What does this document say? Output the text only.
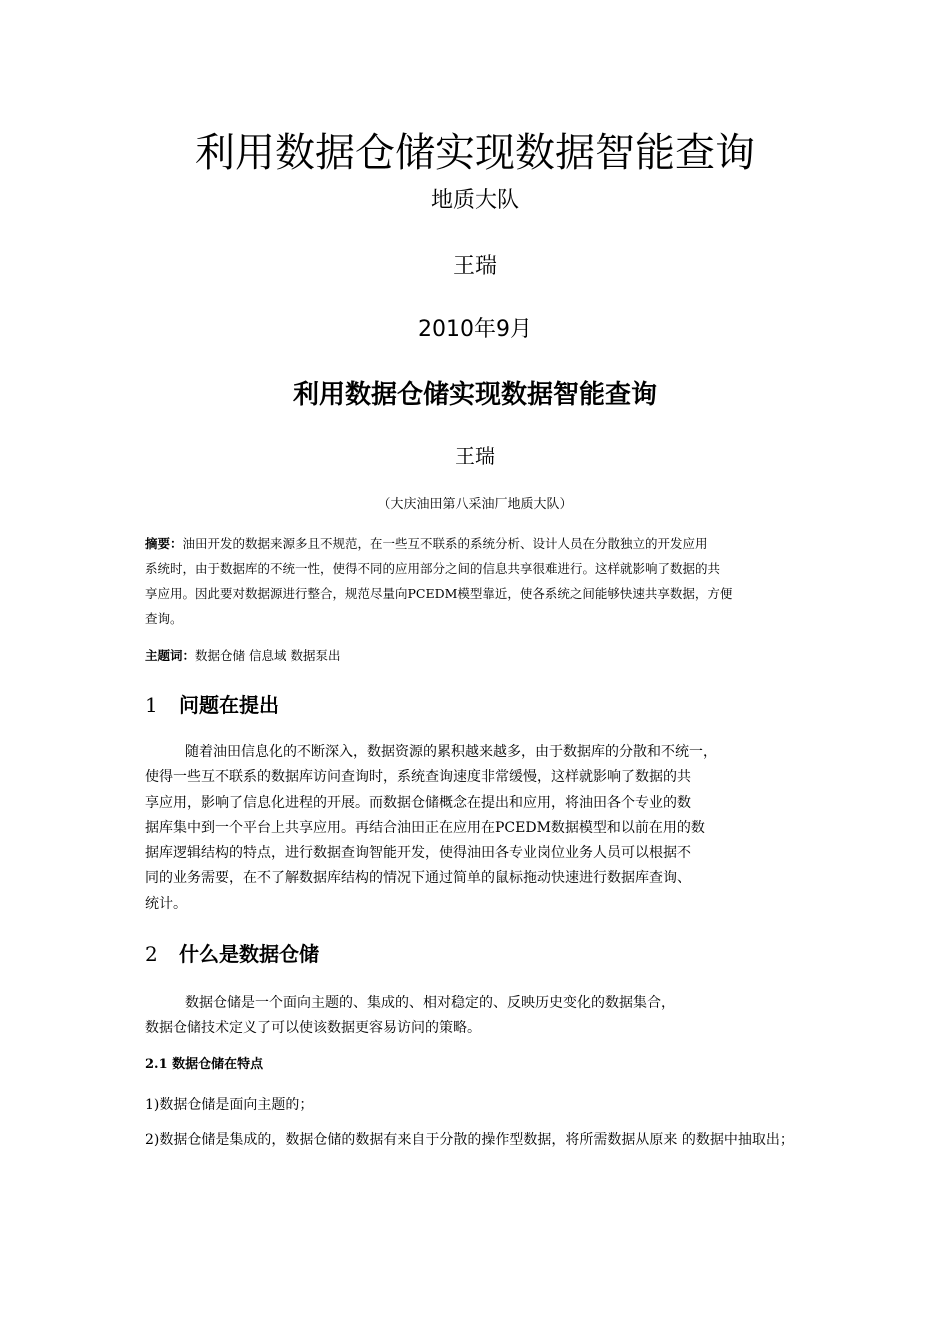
利用数据仓储实现数据智能查询
地质大队
王瑞
2010年9月
利用数据仓储实现数据智能查询
王瑞
（大庆油田第八采油厂地质大队）
摘要：油田开发的数据来源多且不规范，在一些互不联系的系统分析、设计人员在分散独立的开发应用
系统时，由于数据库的不统一性，使得不同的应用部分之间的信息共享很难进行。这样就影响了数据的共
享应用。因此要对数据源进行整合，规范尽量向PCEDM模型靠近，使各系统之间能够快速共享数据，方便
查询。
主题词：数据仓储 信息域 数据泵出
1 问题在提出
随着油田信息化的不断深入，数据资源的累积越来越多，由于数据库的分散和不统一，
使得一些互不联系的数据库访问查询时，系统查询速度非常缓慢，这样就影响了数据的共
享应用，影响了信息化进程的开展。而数据仓储概念在提出和应用，将油田各个专业的数
据库集中到一个平台上共享应用。再结合油田正在应用在PCEDM数据模型和以前在用的数
据库逻辑结构的特点，进行数据查询智能开发，使得油田各专业岗位业务人员可以根据不
同的业务需要，在不了解数据库结构的情况下通过简单的鼠标拖动快速进行数据库查询、
统计。
2 什么是数据仓储
数据仓储是一个面向主题的、集成的、相对稳定的、反映历史变化的数据集合，
数据仓储技术定义了可以使该数据更容易访问的策略。
2.1 数据仓储在特点
1)数据仓储是面向主题的；
2)数据仓储是集成的，数据仓储的数据有来自于分散的操作型数据，将所需数据从原来 的数据中抽取出；
